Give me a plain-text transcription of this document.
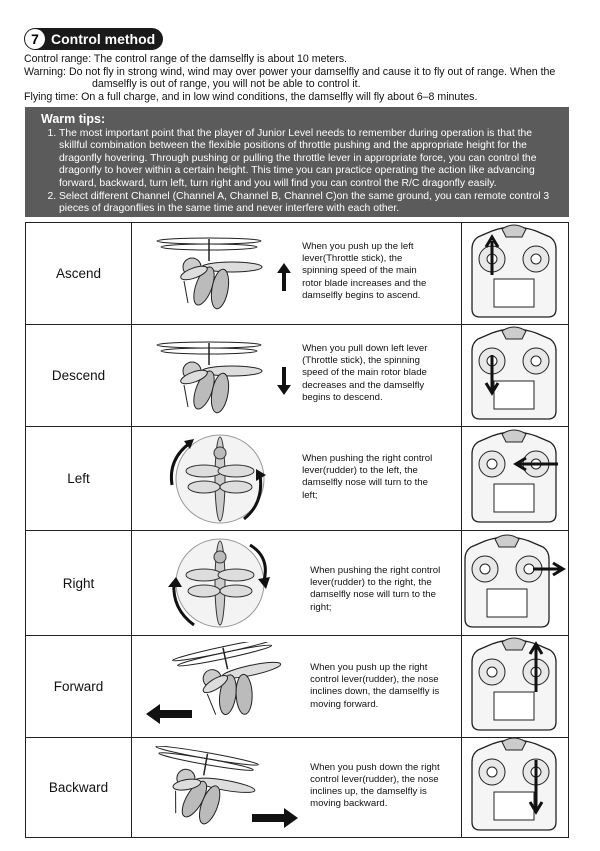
7 Control method

Control range: The control range of the damselfly is about 10 meters.

Warning: Do not fly in strong wind, wind may over power your damselfly and cause it to fly out of range. When the

damselfly is out of range, you will not be able to control it.

Flying time: On a full charge, and in low wind conditions, the damselfly will fly about 6–8 minutes.

Warm tips:
1. The most important point that the player of Junior Level needs to remember during operation is that the skillful combination between the flexible positions of throttle pushing and the appropriate height for the dragonfly hovering. Through pushing or pulling the throttle lever in appropriate force, you can control the dragonfly to hover within a certain height. This time you can practice operating the action like advancing forward, backward, turn left, turn right and you will find you can control the R/C dragonfly easily.
2. Select different Channel (Channel A, Channel B, Channel C)on the same ground, you can remote control 3 pieces of dragonflies in the same time and never interfere with each other.
Ascend	When you push up the left lever(Throttle stick), the spinning speed of the main rotor blade increases and the damselfly begins to ascend.

Descend	When you pull down left lever (Throttle stick), the spinning speed of the main rotor blade decreases and the damselfly begins to descend.

Left	When pushing the right control lever(rudder) to the left, the damselfly nose will turn to the left;

Right	When pushing the right control lever(rudder) to the right, the damselfly nose will turn to the right;

Forward	When you push up the right control lever(rudder), the nose inclines down, the damselfly is moving forward.

Backward	When you push down the right control lever(rudder), the nose inclines up, the damselfly is moving backward.
